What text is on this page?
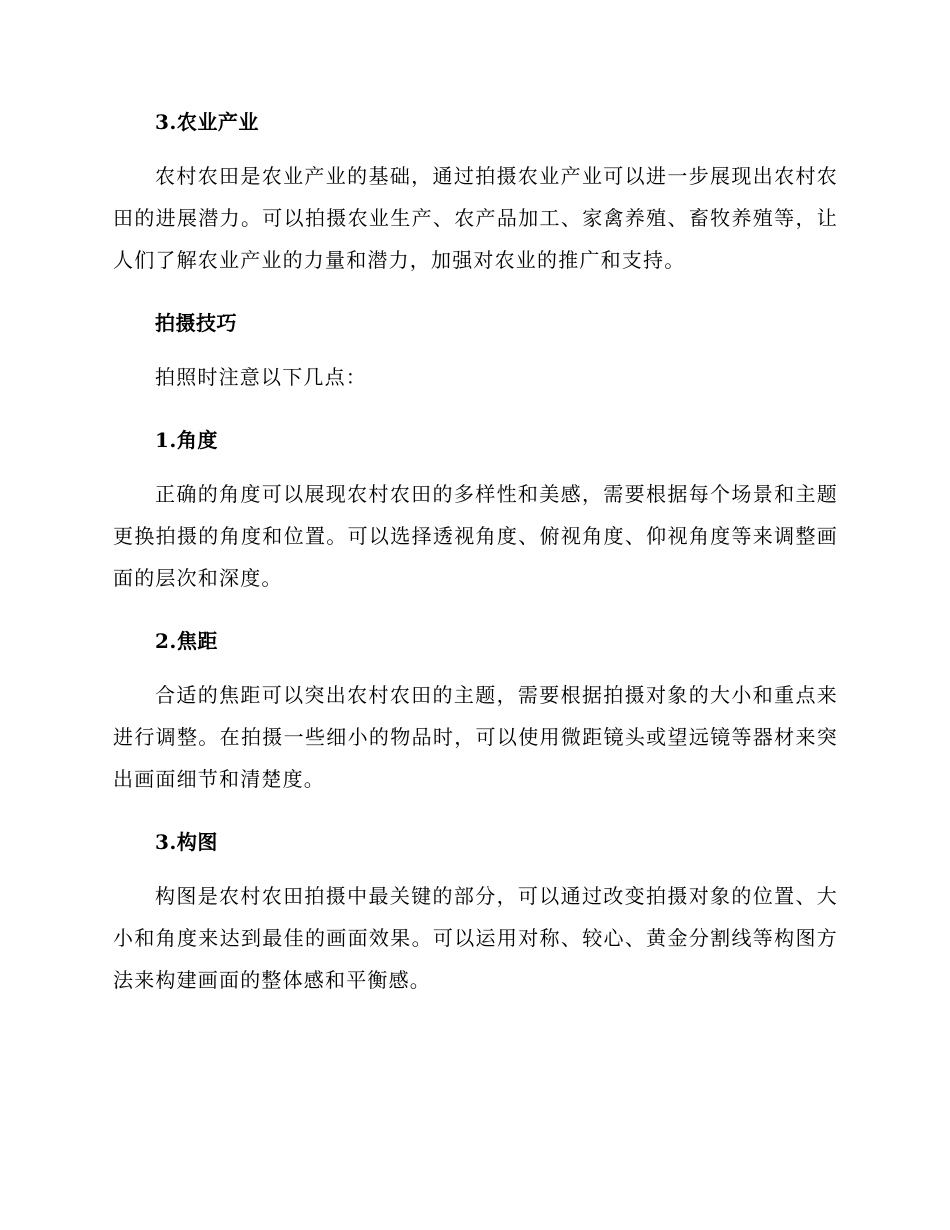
3.农业产业

农村农田是农业产业的基础，通过拍摄农业产业可以进一步展现出农村农田的进展潜力。可以拍摄农业生产、农产品加工、家禽养殖、畜牧养殖等，让人们了解农业产业的力量和潜力，加强对农业的推广和支持。

拍摄技巧

拍照时注意以下几点：

1.角度

正确的角度可以展现农村农田的多样性和美感，需要根据每个场景和主题更换拍摄的角度和位置。可以选择透视角度、俯视角度、仰视角度等来调整画面的层次和深度。

2.焦距

合适的焦距可以突出农村农田的主题，需要根据拍摄对象的大小和重点来进行调整。在拍摄一些细小的物品时，可以使用微距镜头或望远镜等器材来突出画面细节和清楚度。

3.构图

构图是农村农田拍摄中最关键的部分，可以通过改变拍摄对象的位置、大小和角度来达到最佳的画面效果。可以运用对称、较心、黄金分割线等构图方法来构建画面的整体感和平衡感。
